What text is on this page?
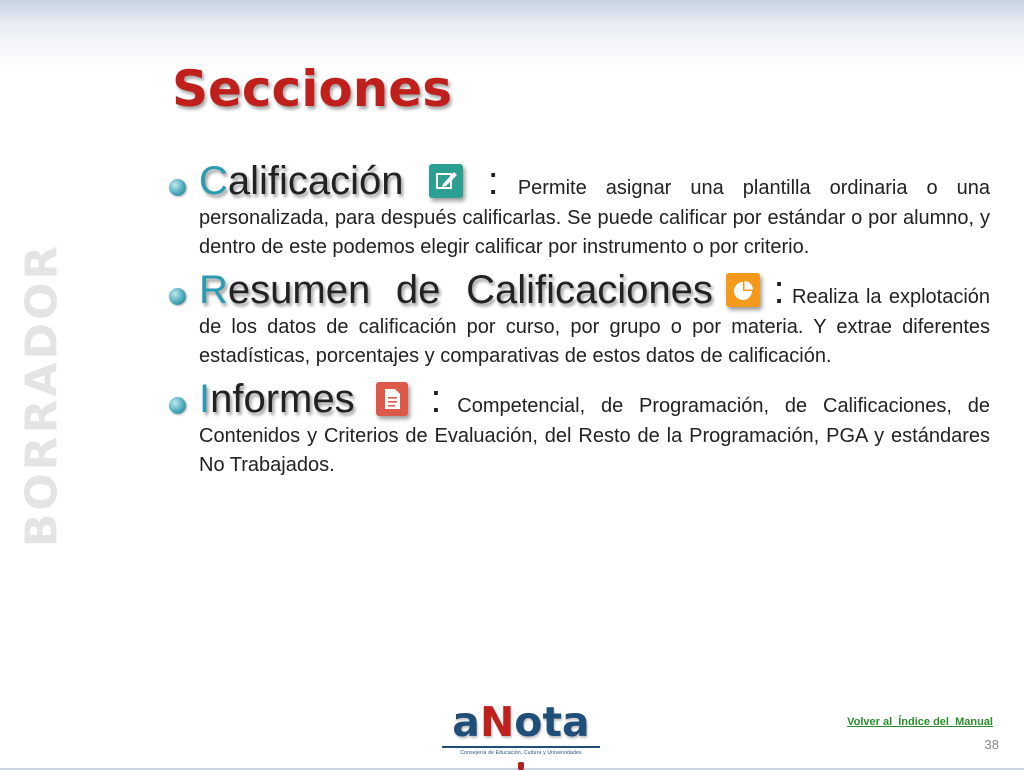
BORRADOR
Secciones
Calificación : Permite asignar una plantilla ordinaria o una personalizada, para después calificarlas. Se puede calificar por estándar o por alumno, y dentro de este podemos elegir calificar por instrumento o por criterio.
Resumen  de  Calificaciones : Realiza la explotación de los datos de calificación por curso, por grupo o por materia. Y extrae diferentes estadísticas, porcentajes y comparativas de estos datos de calificación.
Informes : Competencial, de Programación, de Calificaciones, de Contenidos y Criterios de Evaluación, del Resto de la Programación, PGA y estándares No Trabajados.
aNota
Consejería de Educación, Cultura y Universidades
Volver al  Índice del  Manual
38
